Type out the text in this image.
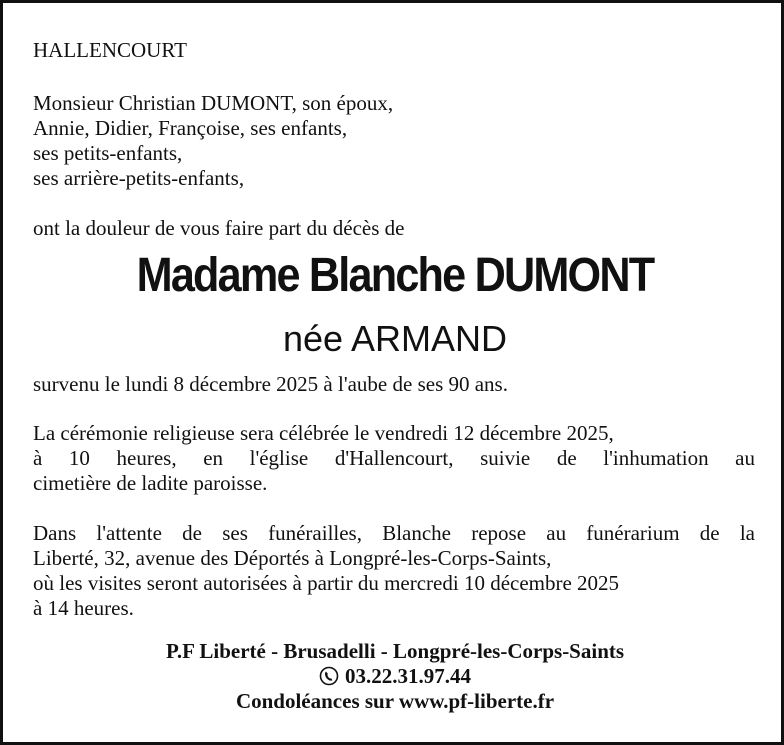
HALLENCOURT
Monsieur Christian DUMONT, son époux,
Annie, Didier, Françoise, ses enfants,
ses petits-enfants,
ses arrière-petits-enfants,
ont la douleur de vous faire part du décès de
Madame Blanche DUMONT
née ARMAND
survenu le lundi 8 décembre 2025 à l'aube de ses 90 ans.
La cérémonie religieuse sera célébrée le vendredi 12 décembre 2025,
à 10 heures, en l'église d'Hallencourt, suivie de l'inhumation au
cimetière de ladite paroisse.
Dans l'attente de ses funérailles, Blanche repose au funérarium de la
Liberté, 32, avenue des Déportés à Longpré-les-Corps-Saints,
où les visites seront autorisées à partir du mercredi 10 décembre 2025
à 14 heures.
P.F Liberté - Brusadelli - Longpré-les-Corps-Saints
03.22.31.97.44
Condoléances sur www.pf-liberte.fr
